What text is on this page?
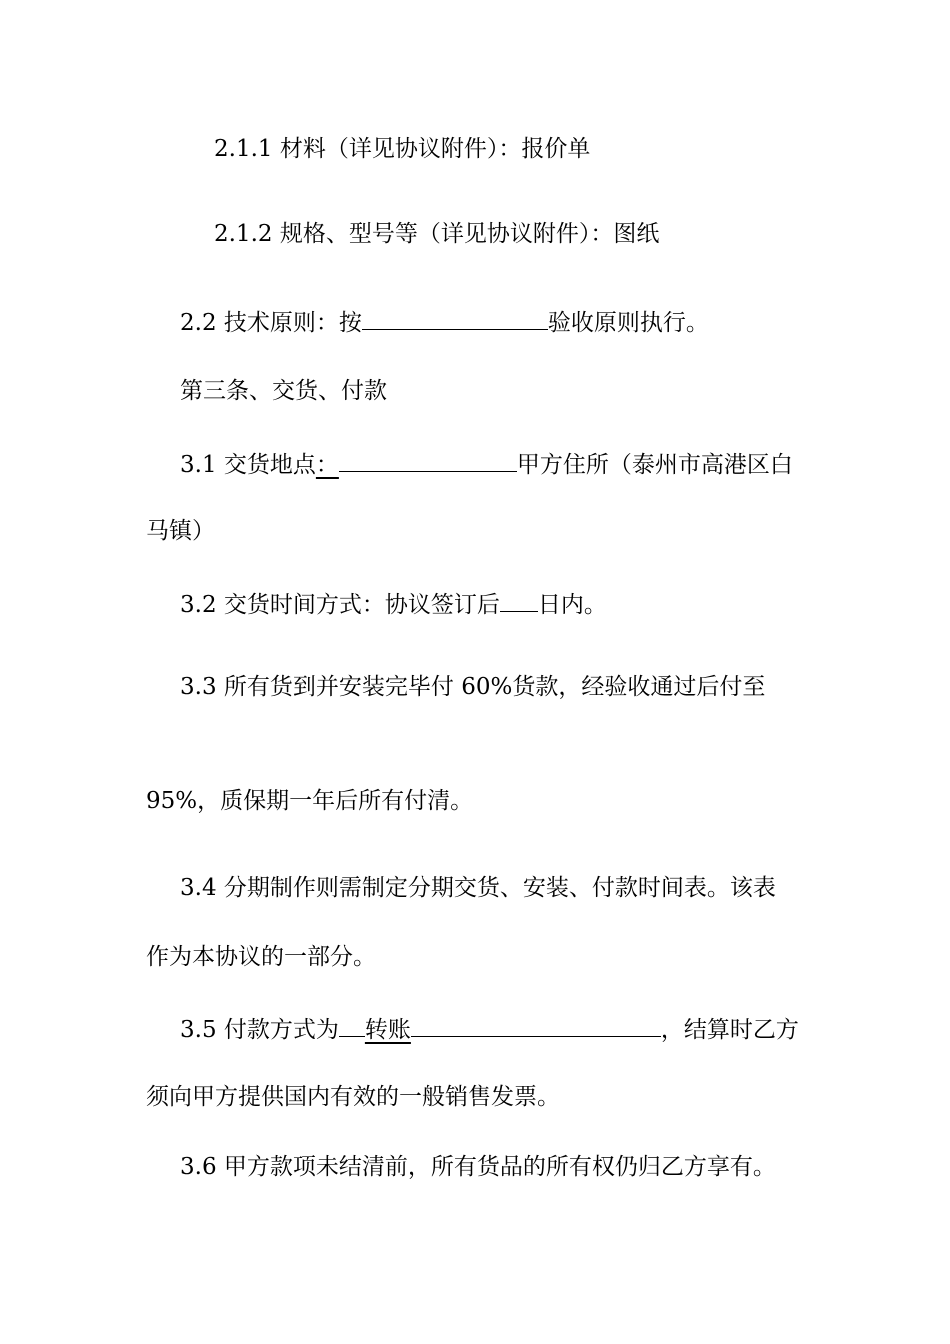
2.1.1 材料（详见协议附件）：报价单
2.1.2 规格、型号等（详见协议附件）：图纸
2.2 技术原则：按	验收原则执行。
第三条、交货、付款
3.1 交货地点：	甲方住所（泰州市高港区白
马镇）
3.2 交货时间方式：协议签订后 日内。
3.3 所有货到并安装完毕付 60%货款，经验收通过后付至
95%，质保期一年后所有付清。
3.4 分期制作则需制定分期交货、安装、付款时间表。该表
作为本协议的一部分。
3.5 付款方式为 转账	，结算时乙方
须向甲方提供国内有效的一般销售发票。
3.6 甲方款项未结清前，所有货品的所有权仍归乙方享有。
